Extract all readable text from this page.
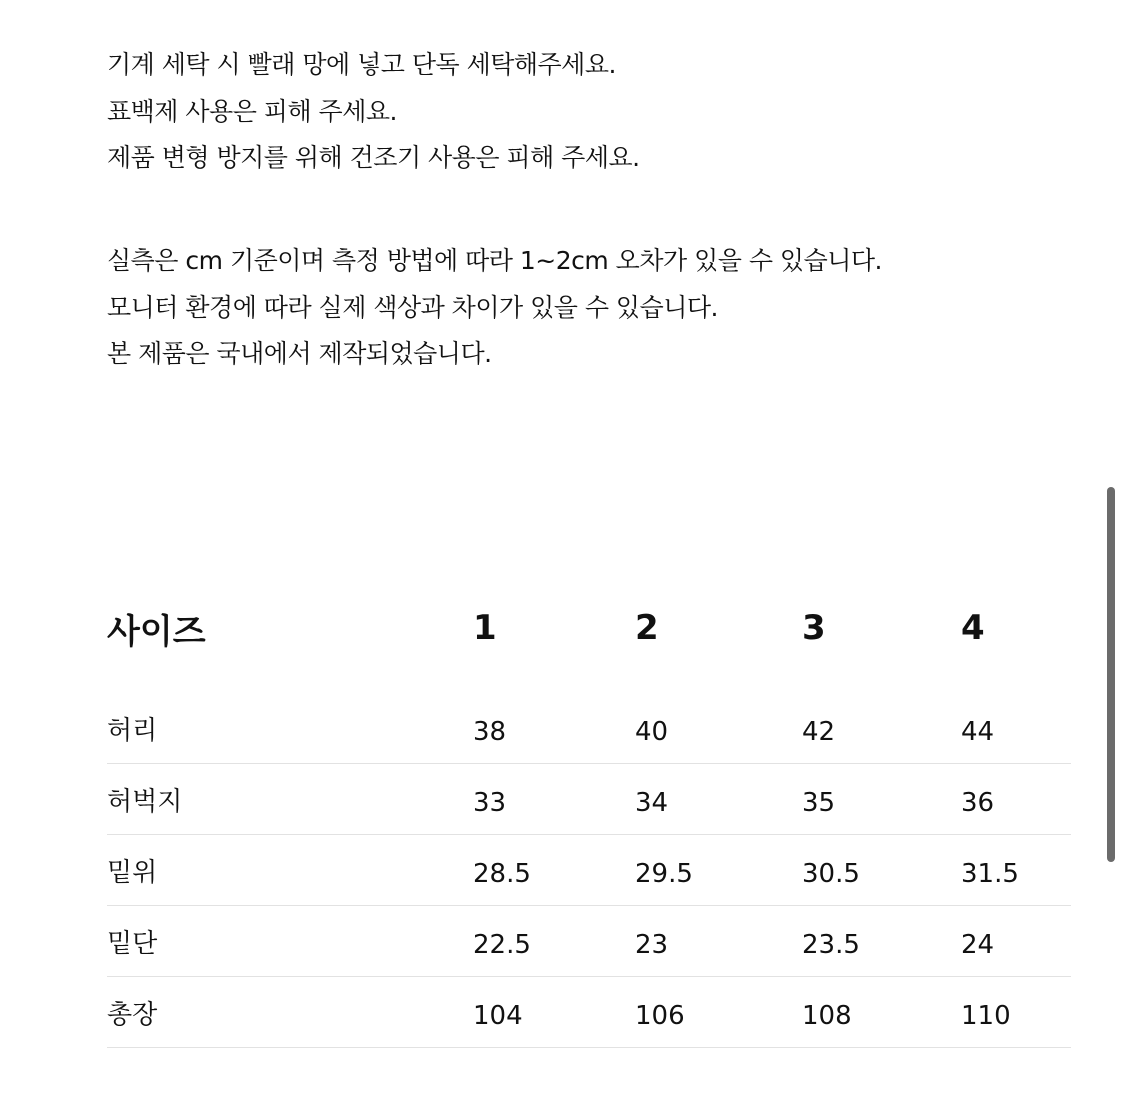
기계 세탁 시 빨래 망에 넣고 단독 세탁해주세요.
표백제 사용은 피해 주세요.
제품 변형 방지를 위해 건조기 사용은 피해 주세요.
실측은 cm 기준이며 측정 방법에 따라 1~2cm 오차가 있을 수 있습니다.
모니터 환경에 따라 실제 색상과 차이가 있을 수 있습니다.
본 제품은 국내에서 제작되었습니다.
사이즈	1	2	3	4

허리	38	40	42	44
허벅지	33	34	35	36
밑위	28.5	29.5	30.5	31.5
밑단	22.5	23	23.5	24
총장	104	106	108	110
